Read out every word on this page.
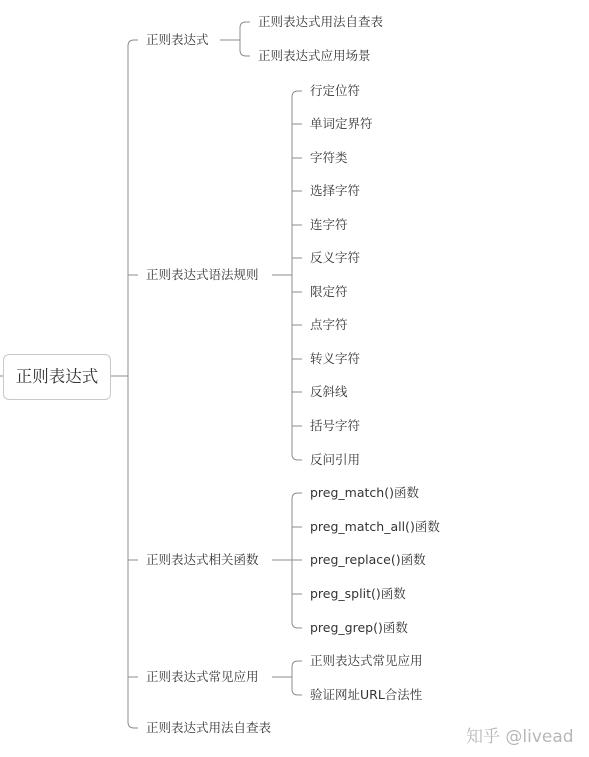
正则表达式
正则表达式
正则表达式用法自查表
正则表达式应用场景
正则表达式语法规则
行定位符
单词定界符
字符类
选择字符
连字符
反义字符
限定符
点字符
转义字符
反斜线
括号字符
反问引用
正则表达式相关函数
preg_match()函数
preg_match_all()函数
preg_replace()函数
preg_split()函数
preg_grep()函数
正则表达式常见应用
正则表达式常见应用
验证网址URL合法性
正则表达式用法自查表	知乎 @livead
